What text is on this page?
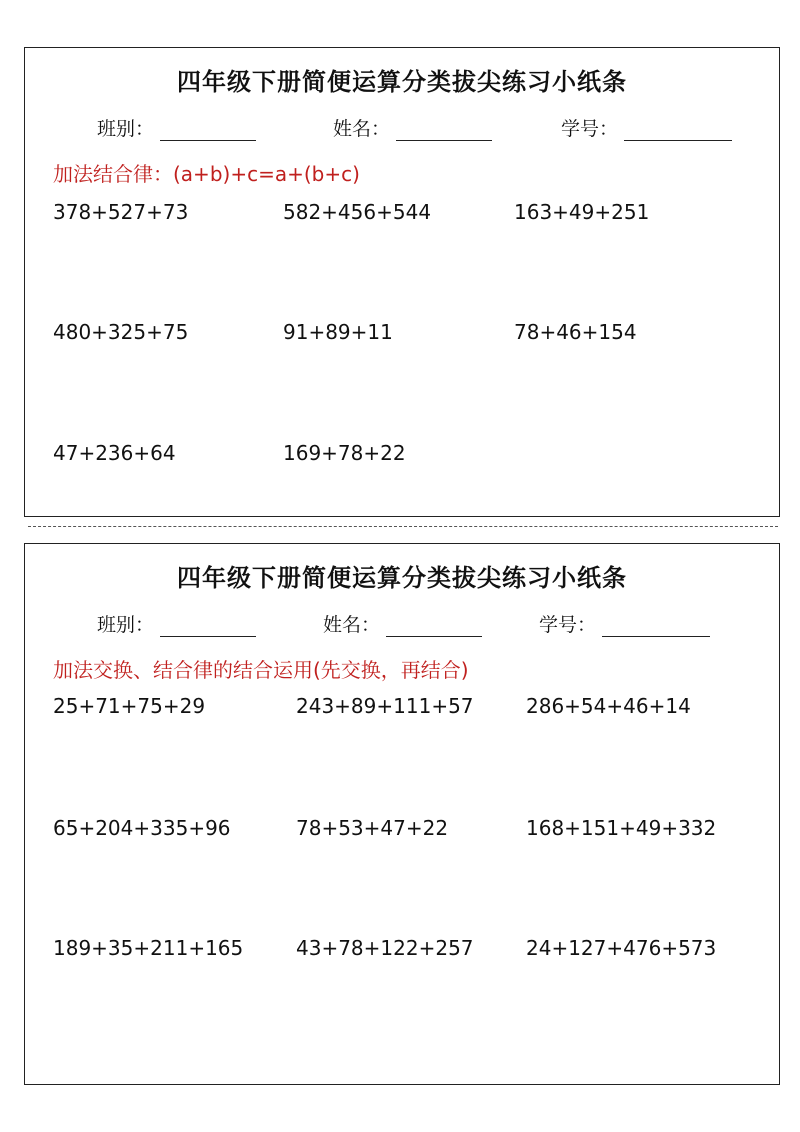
四年级下册简便运算分类拔尖练习小纸条
班别：	姓名：	学号：
加法结合律：(a+b)+c=a+(b+c)
378+527+73	582+456+544	163+49+251
480+325+75	91+89+11	78+46+154
47+236+64	169+78+22
四年级下册简便运算分类拔尖练习小纸条
班别：	姓名：	学号：
加法交换、结合律的结合运用(先交换，再结合)
25+71+75+29	243+89+111+57	286+54+46+14
65+204+335+96	78+53+47+22	168+151+49+332
189+35+211+165	43+78+122+257	24+127+476+573
